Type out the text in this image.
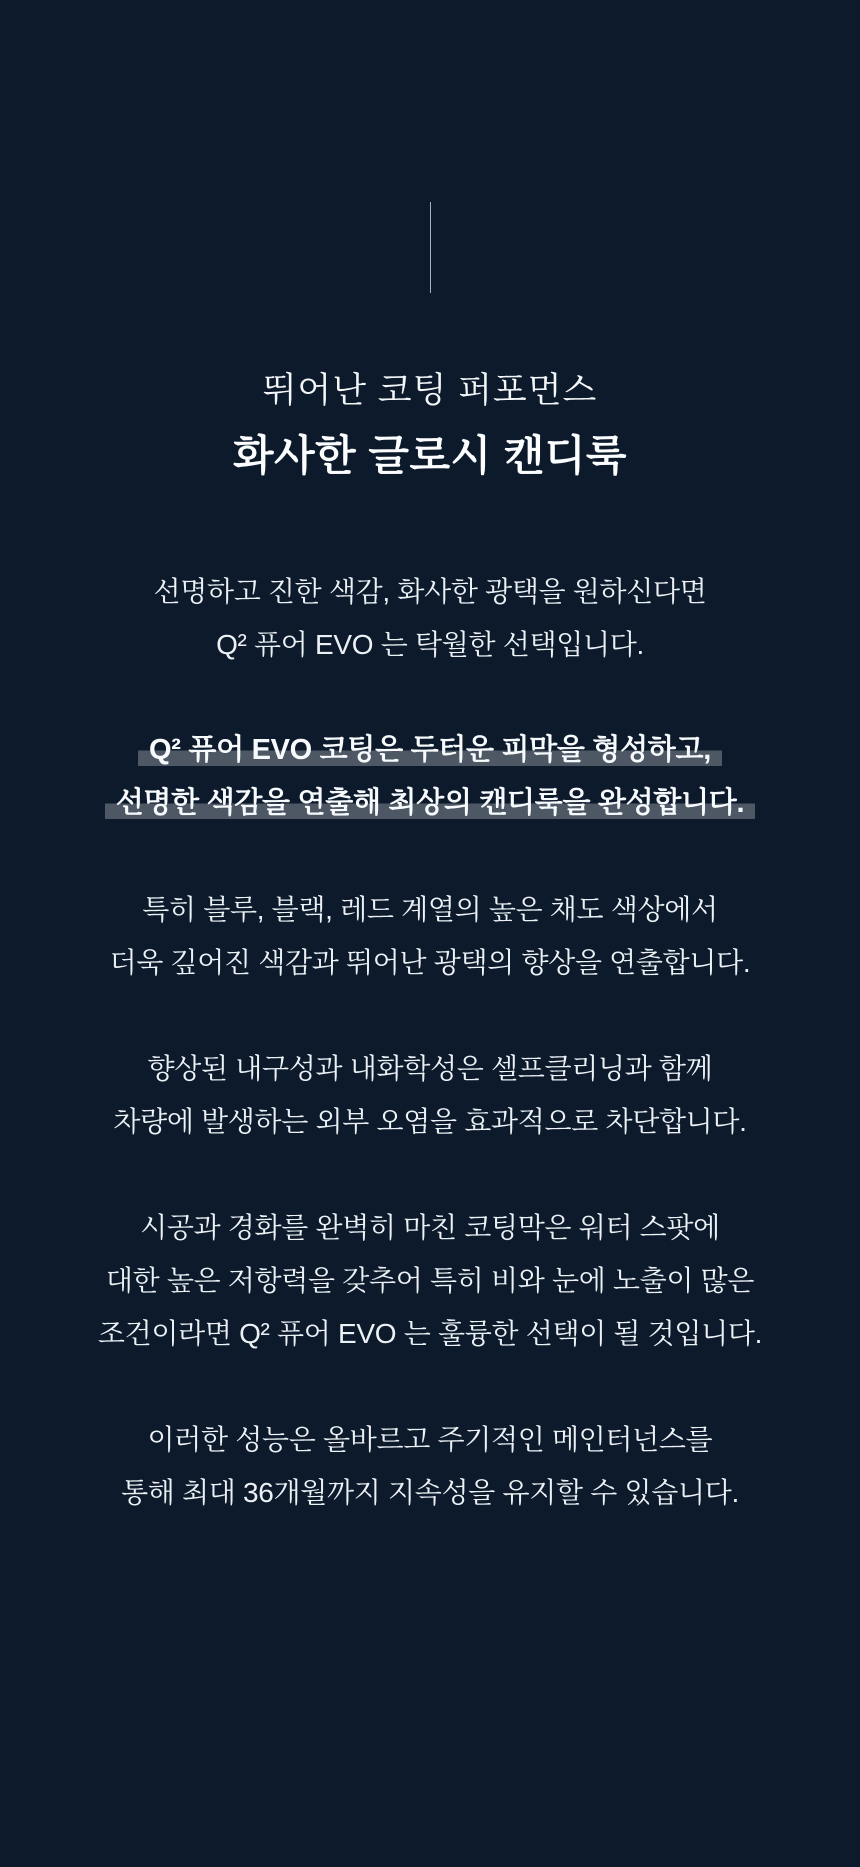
뛰어난 코팅 퍼포먼스
화사한 글로시 캔디룩
선명하고 진한 색감, 화사한 광택을 원하신다면
Q² 퓨어 EVO 는 탁월한 선택입니다.
Q² 퓨어 EVO 코팅은 두터운 피막을 형성하고,
선명한 색감을 연출해 최상의 캔디룩을 완성합니다.
특히 블루, 블랙, 레드 계열의 높은 채도 색상에서
더욱 깊어진 색감과 뛰어난 광택의 향상을 연출합니다.
향상된 내구성과 내화학성은 셀프클리닝과 함께
차량에 발생하는 외부 오염을 효과적으로 차단합니다.
시공과 경화를 완벽히 마친 코팅막은 워터 스팟에
대한 높은 저항력을 갖추어 특히 비와 눈에 노출이 많은
조건이라면 Q² 퓨어 EVO 는 훌륭한 선택이 될 것입니다.
이러한 성능은 올바르고 주기적인 메인터넌스를
통해 최대 36개월까지 지속성을 유지할 수 있습니다.
